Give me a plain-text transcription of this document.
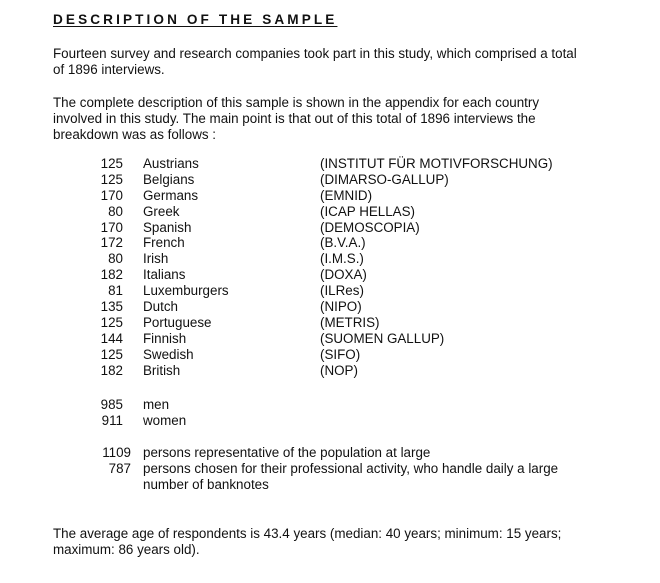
DESCRIPTION OF THE SAMPLE

Fourteen survey and research companies took part in this study, which comprised a total
of 1896 interviews.

The complete description of this sample is shown in the appendix for each country
involved in this study. The main point is that out of this total of 1896 interviews the
breakdown was as follows :

125 Austrians	(INSTITUT FÜR MOTIVFORSCHUNG)
125 Belgians	(DIMARSO-GALLUP)
170 Germans	(EMNID)
80 Greek	(ICAP HELLAS)
170 Spanish	(DEMOSCOPIA)
172 French	(B.V.A.)
80 Irish	(I.M.S.)
182 Italians	(DOXA)
81 Luxemburgers	(ILRes)
135 Dutch	(NIPO)
125 Portuguese	(METRIS)
144 Finnish	(SUOMEN GALLUP)
125 Swedish	(SIFO)
182 British	(NOP)
985 men
911 women
1109 persons representative of the population at large
787 persons chosen for their professional activity, who handle daily a large
number of banknotes

The average age of respondents is 43.4 years (median: 40 years; minimum: 15 years;
maximum: 86 years old).
